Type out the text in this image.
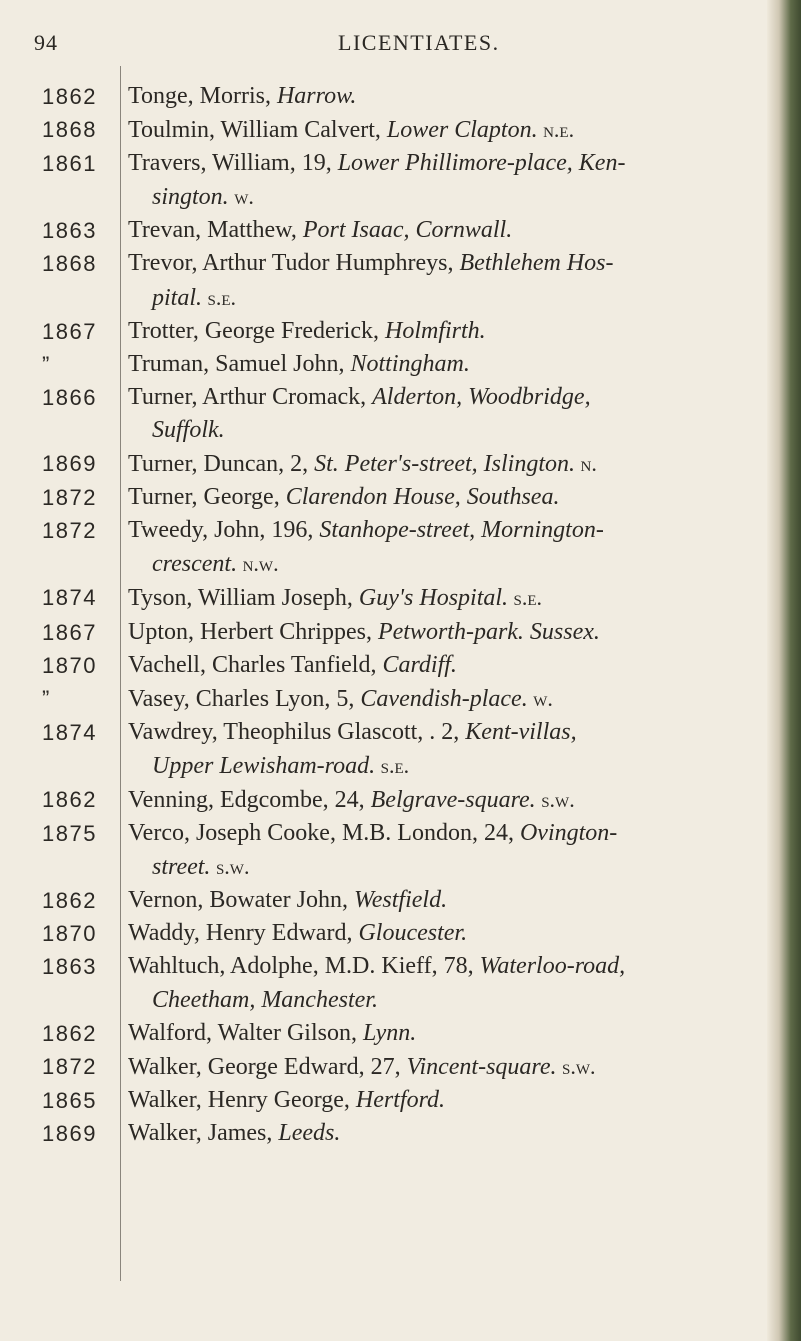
94	LICENTIATES.
1862	Tonge, Morris, Harrow.
1868	Toulmin, William Calvert, Lower Clapton. n.e.
1861	Travers, William, 19, Lower Phillimore-place, Ken-
sington. w.
1863	Trevan, Matthew, Port Isaac, Cornwall.
1868	Trevor, Arthur Tudor Humphreys, Bethlehem Hos-
pital. s.e.
1867	Trotter, George Frederick, Holmfirth.
”	Truman, Samuel John, Nottingham.
1866	Turner, Arthur Cromack, Alderton, Woodbridge,
Suffolk.
1869	Turner, Duncan, 2, St. Peter's-street, Islington. n.
1872	Turner, George, Clarendon House, Southsea.
1872	Tweedy, John, 196, Stanhope-street, Mornington-
crescent. n.w.
1874	Tyson, William Joseph, Guy's Hospital. s.e.
1867	Upton, Herbert Chrippes, Petworth-park. Sussex.
1870	Vachell, Charles Tanfield, Cardiff.
”	Vasey, Charles Lyon, 5, Cavendish-place. w.
1874	Vawdrey, Theophilus Glascott, . 2, Kent-villas,
Upper Lewisham-road. s.e.
1862	Venning, Edgcombe, 24, Belgrave-square. s.w.
1875	Verco, Joseph Cooke, M.B. London, 24, Ovington-
street. s.w.
1862	Vernon, Bowater John, Westfield.
1870	Waddy, Henry Edward, Gloucester.
1863	Wahltuch, Adolphe, M.D. Kieff, 78, Waterloo-road,
Cheetham, Manchester.
1862	Walford, Walter Gilson, Lynn.
1872	Walker, George Edward, 27, Vincent-square. s.w.
1865	Walker, Henry George, Hertford.
1869	Walker, James, Leeds.
